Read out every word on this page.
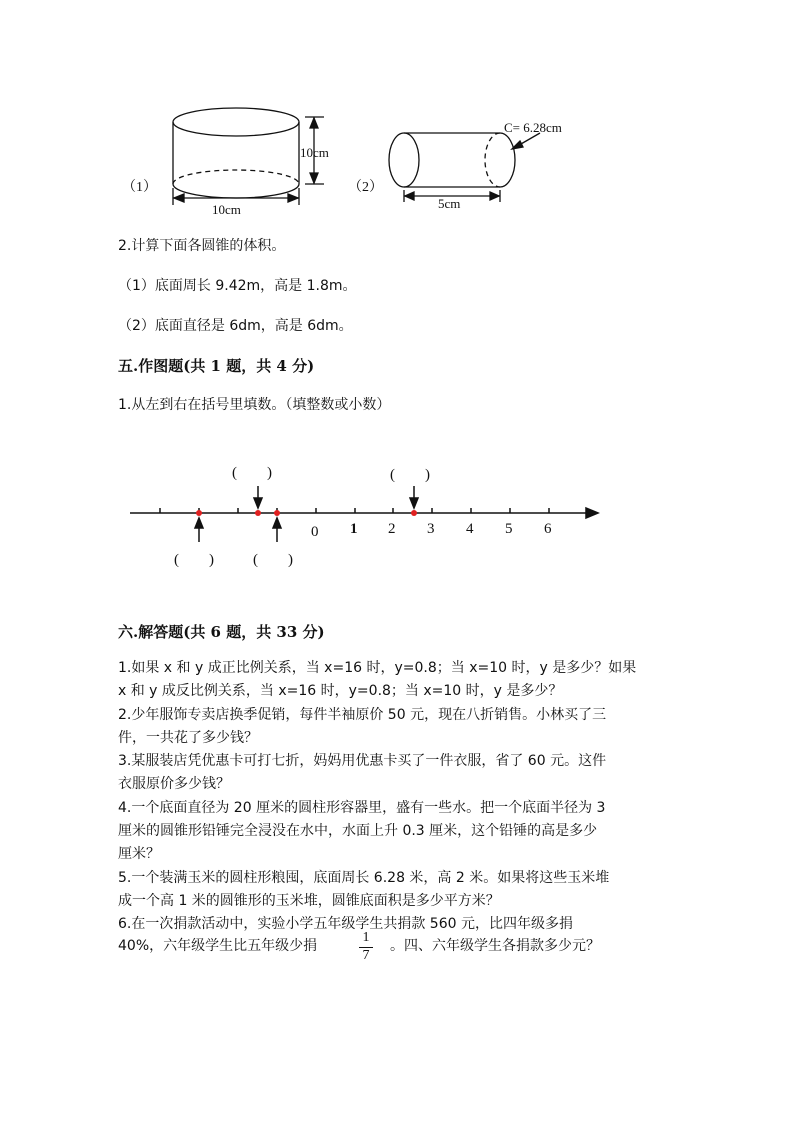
（1）
10cm
10cm
（2）
C= 6.28cm
5cm
2.计算下面各圆锥的体积。
（1）底面周长 9.42m，高是 1.8m。
（2）底面直径是 6dm，高是 6dm。
五.作图题(共 1 题，共 4 分)
1.从左到右在括号里填数。（填整数或小数）
0 1 2 3 4 5 6
(　　)	(　　)
(　　)	(　　)
六.解答题(共 6 题，共 33 分)
1.如果 x 和 y 成正比例关系，当 x=16 时，y=0.8；当 x=10 时，y 是多少？如果
x 和 y 成反比例关系，当 x=16 时，y=0.8；当 x=10 时，y 是多少？
2.少年服饰专卖店换季促销，每件半袖原价 50 元，现在八折销售。小林买了三
件，一共花了多少钱？
3.某服装店凭优惠卡可打七折，妈妈用优惠卡买了一件衣服，省了 60 元。这件
衣服原价多少钱？
4.一个底面直径为 20 厘米的圆柱形容器里，盛有一些水。把一个底面半径为 3
厘米的圆锥形铅锤完全浸没在水中，水面上升 0.3 厘米，这个铅锤的高是多少
厘米？
5.一个装满玉米的圆柱形粮囤，底面周长 6.28 米，高 2 米。如果将这些玉米堆
成一个高 1 米的圆锥形的玉米堆，圆锥底面积是多少平方米？
6.在一次捐款活动中，实验小学五年级学生共捐款 560 元，比四年级多捐
40%，六年级学生比五年级少捐
1
7
。四、六年级学生各捐款多少元？
